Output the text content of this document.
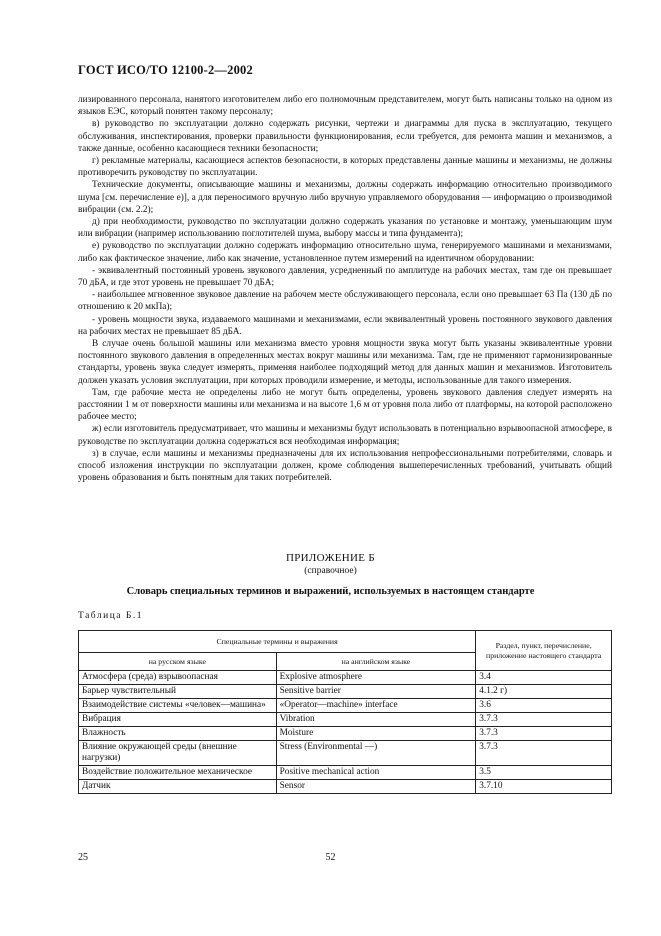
ГОСТ ИСО/ТО 12100-2—2002

лизированного персонала, нанятого изготовителем либо его полномочным представителем, могут быть написаны только на одном из языков ЕЭС, который понятен такому персоналу;

в) руководство по эксплуатации должно содержать рисунки, чертежи и диаграммы для пуска в эксплуатацию, текущего обслуживания, инспектирования, проверки правильности функционирования, если требуется, для ремонта машин и механизмов, а также данные, особенно касающиеся техники безопасности;

г) рекламные материалы, касающиеся аспектов безопасности, в которых представлены данные машины и механизмы, не должны противоречить руководству по эксплуатации.

Технические документы, описывающие машины и механизмы, должны содержать информацию относительно производимого шума [см. перечисление е)], а для переносимого вручную либо вручную управляемого оборудования — информацию о производимой вибрации (см. 2.2);

д) при необходимости, руководство по эксплуатации должно содержать указания по установке и монтажу, уменьшающим шум или вибрации (например использованию поглотителей шума, выбору массы и типа фундамента);

е) руководство по эксплуатации должно содержать информацию относительно шума, генерируемого машинами и механизмами, либо как фактическое значение, либо как значение, установленное путем измерений на идентичном оборудовании:

- эквивалентный постоянный уровень звукового давления, усредненный по амплитуде на рабочих местах, там где он превышает 70 дБА, и где этот уровень не превышает 70 дБА;

- наибольшее мгновенное звуковое давление на рабочем месте обслуживающего персонала, если оно превышает 63 Па (130 дБ по отношению к 20 мкПа);

- уровень мощности звука, издаваемого машинами и механизмами, если эквивалентный уровень постоянного звукового давления на рабочих местах не превышает 85 дБА.

В случае очень большой машины или механизма вместо уровня мощности звука могут быть указаны эквивалентные уровни постоянного звукового давления в определенных местах вокруг машины или механизма. Там, где не применяют гармонизированные стандарты, уровень звука следует измерять, применяя наиболее подходящий метод для данных машин и механизмов. Изготовитель должен указать условия эксплуатации, при которых проводили измерение, и методы, использованные для такого измерения.

Там, где рабочие места не определены либо не могут быть определены, уровень звукового давления следует измерять на расстоянии 1 м от поверхности машины или механизма и на высоте 1,6 м от уровня пола либо от платформы, на которой расположено рабочее место;

ж) если изготовитель предусматривает, что машины и механизмы будут использовать в потенциально взрывоопасной атмосфере, в руководстве по эксплуатации должна содержаться вся необходимая информация;

з) в случае, если машины и механизмы предназначены для их использования непрофессиональными потребителями, словарь и способ изложения инструкции по эксплуатации должен, кроме соблюдения вышеперечисленных требований, учитывать общий уровень образования и быть понятным для таких потребителей.

ПРИЛОЖЕНИЕ Б
(справочное)
Словарь специальных терминов и выражений, используемых в настоящем стандарте
Таблица Б.1
Специальные термины и выражения		Раздел, пункт, перечисление, приложение настоящего стандарта
на русском языке	на английском языке	
Атмосфера (среда) взрывоопасная	Explosive atmosphere	3.4
Барьер чувствительный	Sensitive barrier	4.1.2 г)
Взаимодействие системы «человек—машина»	«Operator—machine» interface	3.6
Вибрация	Vibration	3.7.3
Влажность	Moisture	3.7.3
Влияние окружающей среды (внешние нагрузки)	Stress (Environmental —)	3.7.3
Воздействие положительное механическое	Positive mechanical action	3.5
Датчик	Sensor	3.7.10
25	52
